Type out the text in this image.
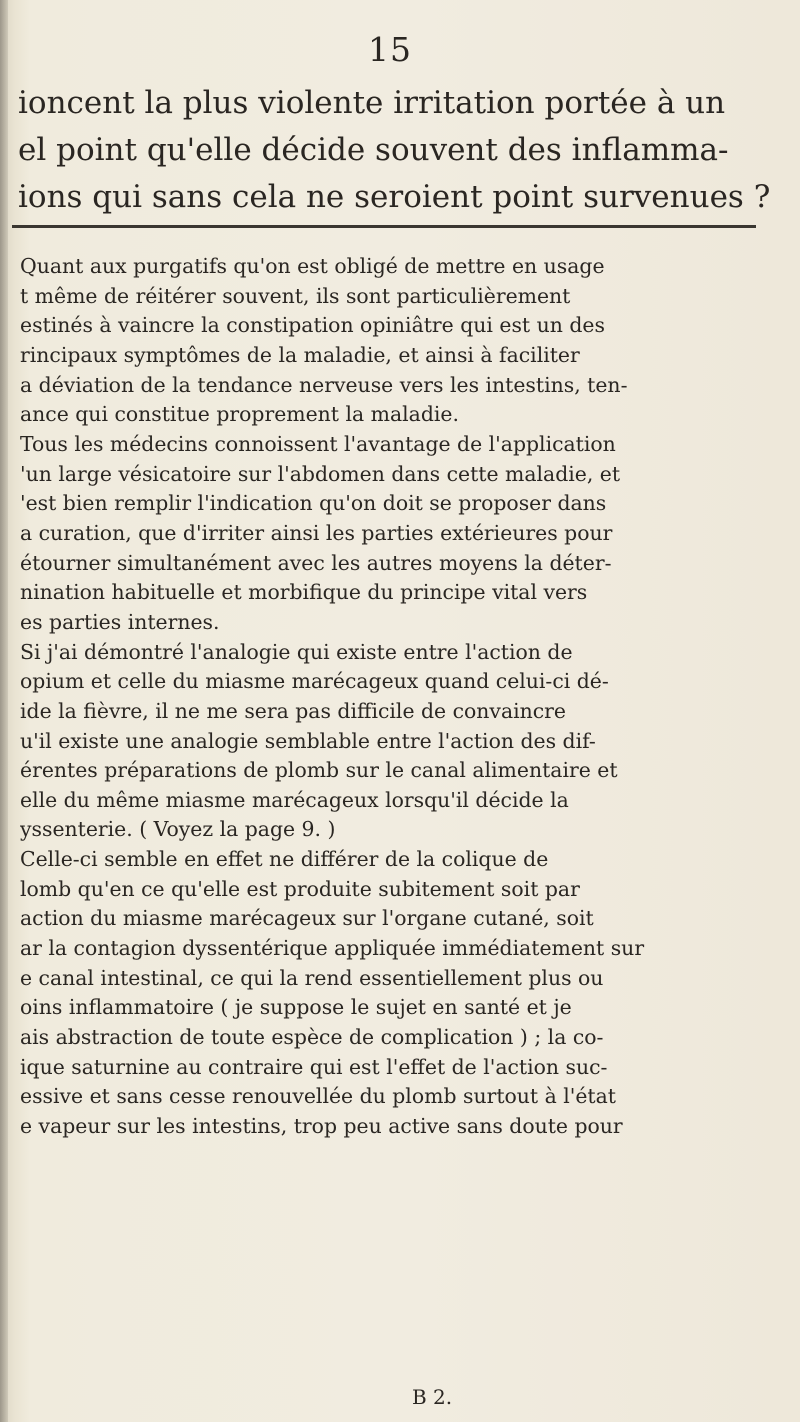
15

ioncent la plus violente irritation portée à un

el point qu'elle décide souvent des inflamma-

ions qui sans cela ne seroient point survenues ?

Quant aux purgatifs qu'on est obligé de mettre en usage

t même de réitérer souvent, ils sont particulièrement

estinés à vaincre la constipation opiniâtre qui est un des

rincipaux symptômes de la maladie, et ainsi à faciliter

a déviation de la tendance nerveuse vers les intestins, ten-

ance qui constitue proprement la maladie.

Tous les médecins connoissent l'avantage de l'application

'un large vésicatoire sur l'abdomen dans cette maladie, et

'est bien remplir l'indication qu'on doit se proposer dans

a curation, que d'irriter ainsi les parties extérieures pour

étourner simultanément avec les autres moyens la déter-

nination habituelle et morbifique du principe vital vers

es parties internes.

Si j'ai démontré l'analogie qui existe entre l'action de

opium et celle du miasme marécageux quand celui-ci dé-

ide la fièvre, il ne me sera pas difficile de convaincre

u'il existe une analogie semblable entre l'action des dif-

érentes préparations de plomb sur le canal alimentaire et

elle du même miasme marécageux lorsqu'il décide la

yssenterie. ( Voyez la page 9. )

Celle-ci semble en effet ne différer de la colique de

lomb qu'en ce qu'elle est produite subitement soit par

action du miasme marécageux sur l'organe cutané, soit

ar la contagion dyssentérique appliquée immédiatement sur

e canal intestinal, ce qui la rend essentiellement plus ou

oins inflammatoire ( je suppose le sujet en santé et je

ais abstraction de toute espèce de complication ) ; la co-

ique saturnine au contraire qui est l'effet de l'action suc-

essive et sans cesse renouvellée du plomb surtout à l'état

e vapeur sur les intestins, trop peu active sans doute pour

B 2.
